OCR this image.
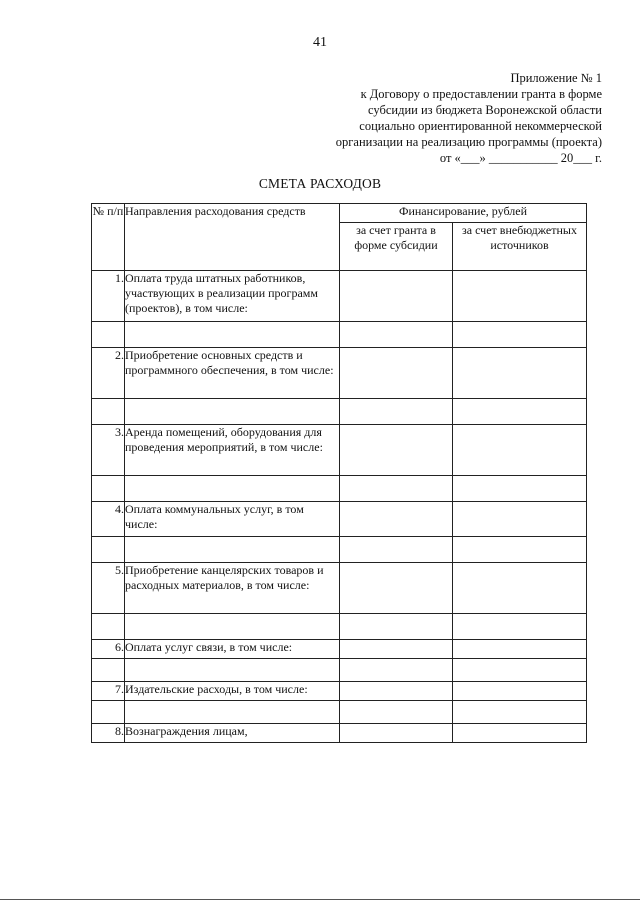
41
Приложение № 1
к Договору о предоставлении гранта в форме
субсидии из бюджета Воронежской области
социально ориентированной некоммерческой
организации на реализацию программы (проекта)
от «___» ___________ 20___ г.
СМЕТА РАСХОДОВ
№ п/п	Направления расходования средств	Финансирование, рублей	
		за счет гранта в форме субсидии	за счет внебюджетных источников
1.	Оплата труда штатных работников, участвующих в реализации программ (проектов), в том числе:		

2.	Приобретение основных средств и программного обеспечения, в том числе:		

3.	Аренда помещений, оборудования для проведения мероприятий, в том числе:		

4.	Оплата коммунальных услуг, в том числе:		

5.	Приобретение канцелярских товаров и расходных материалов, в том числе:		

6.	Оплата услуг связи, в том числе:		

7.	Издательские расходы, в том числе:		

8.	Вознаграждения лицам,		
